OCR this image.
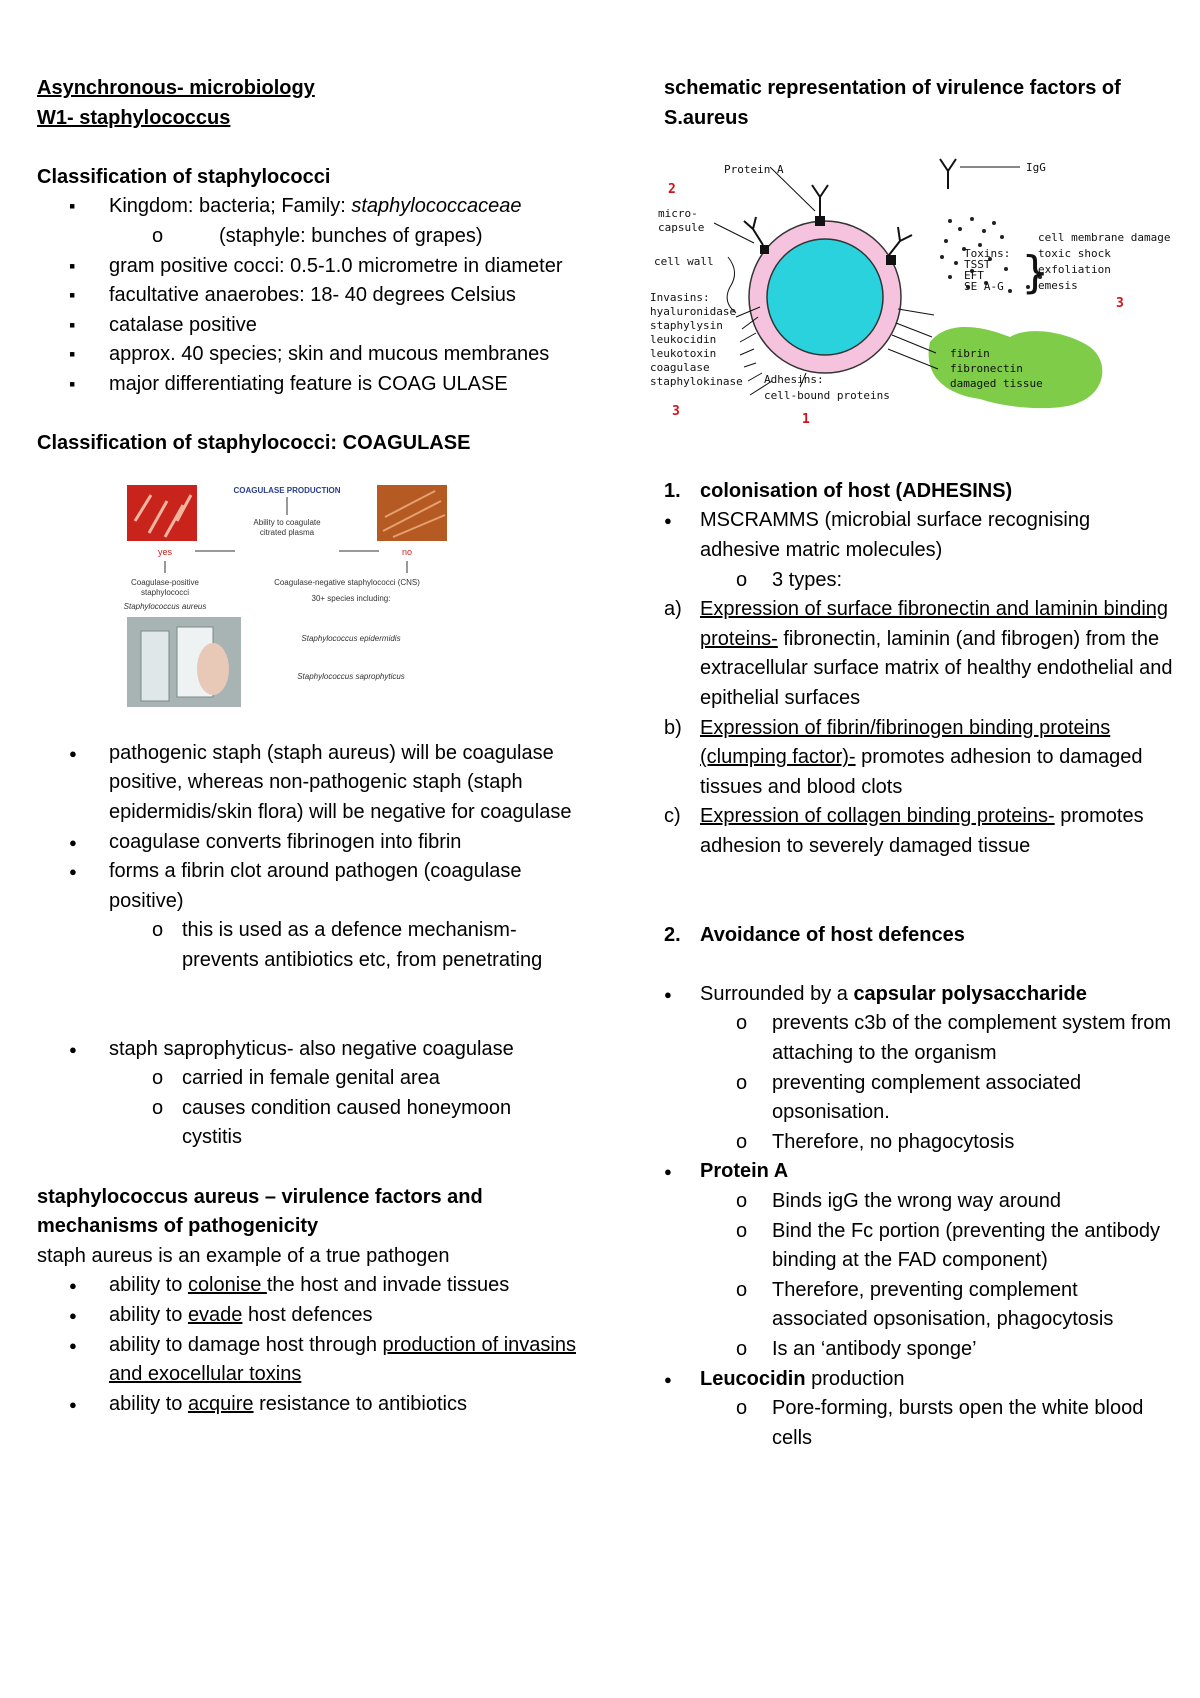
Asynchronous- microbiology
W1- staphylococcus
Classification of staphylococci
▪ Kingdom: bacteria; Family: staphylococcaceae
o (staphyle: bunches of grapes)
▪ gram positive cocci: 0.5-1.0 micrometre in diameter
▪ facultative anaerobes: 18- 40 degrees Celsius
▪ catalase positive
▪ approx. 40 species; skin and mucous membranes
▪ major differentiating feature is COAG ULASE
Classification of staphylococci: COAGULASE
COAGULASE PRODUCTION
Ability to coagulate
citrated plasma
yes	no
Coagulase-positive
staphylococci
Staphylococcus aureus
Coagulase-negative staphylococci (CNS)
30+ species including:
Staphylococcus epidermidis
Staphylococcus saprophyticus
● pathogenic staph (staph aureus) will be coagulase positive, whereas non-pathogenic staph (staph epidermidis/skin flora) will be negative for coagulase
● coagulase converts fibrinogen into fibrin
● forms a fibrin clot around pathogen (coagulase positive)
o this is used as a defence mechanism- prevents antibiotics etc, from penetrating
● staph saprophyticus- also negative coagulase
o carried in female genital area
o causes condition caused honeymoon cystitis
staphylococcus aureus – virulence factors and mechanisms of pathogenicity
staph aureus is an example of a true pathogen
● ability to colonise the host and invade tissues
● ability to evade host defences
● ability to damage host through production of invasins and exocellular toxins
● ability to acquire resistance to antibiotics
schematic representation of virulence factors of S.aureus
2
Protein A	IgG
micro-
capsule
cell wall
Invasins:
hyaluronidase
staphylysin
leukocidin
leukotoxin
coagulase
staphylokinase
3
Adhesins:
cell-bound proteins
1
Toxins:
TSST
EFT
SE A-G }
cell membrane damage
toxic shock
exfoliation
emesis
3
fibrin
fibronectin
damaged tissue
1. colonisation of host (ADHESINS)
● MSCRAMMS (microbial surface recognising adhesive matric molecules)
o 3 types:
a) Expression of surface fibronectin and laminin binding proteins- fibronectin, laminin (and fibrogen) from the extracellular surface matrix of healthy endothelial and epithelial surfaces
b) Expression of fibrin/fibrinogen binding proteins (clumping factor)- promotes adhesion to damaged tissues and blood clots
c) Expression of collagen binding proteins- promotes adhesion to severely damaged tissue
2. Avoidance of host defences
● Surrounded by a capsular polysaccharide
o prevents c3b of the complement system from attaching to the organism
o preventing complement associated opsonisation.
o Therefore, no phagocytosis
● Protein A
o Binds igG the wrong way around
o Bind the Fc portion (preventing the antibody binding at the FAD component)
o Therefore, preventing complement associated opsonisation, phagocytosis
o Is an ‘antibody sponge’
● Leucocidin production
o Pore-forming, bursts open the white blood cells
